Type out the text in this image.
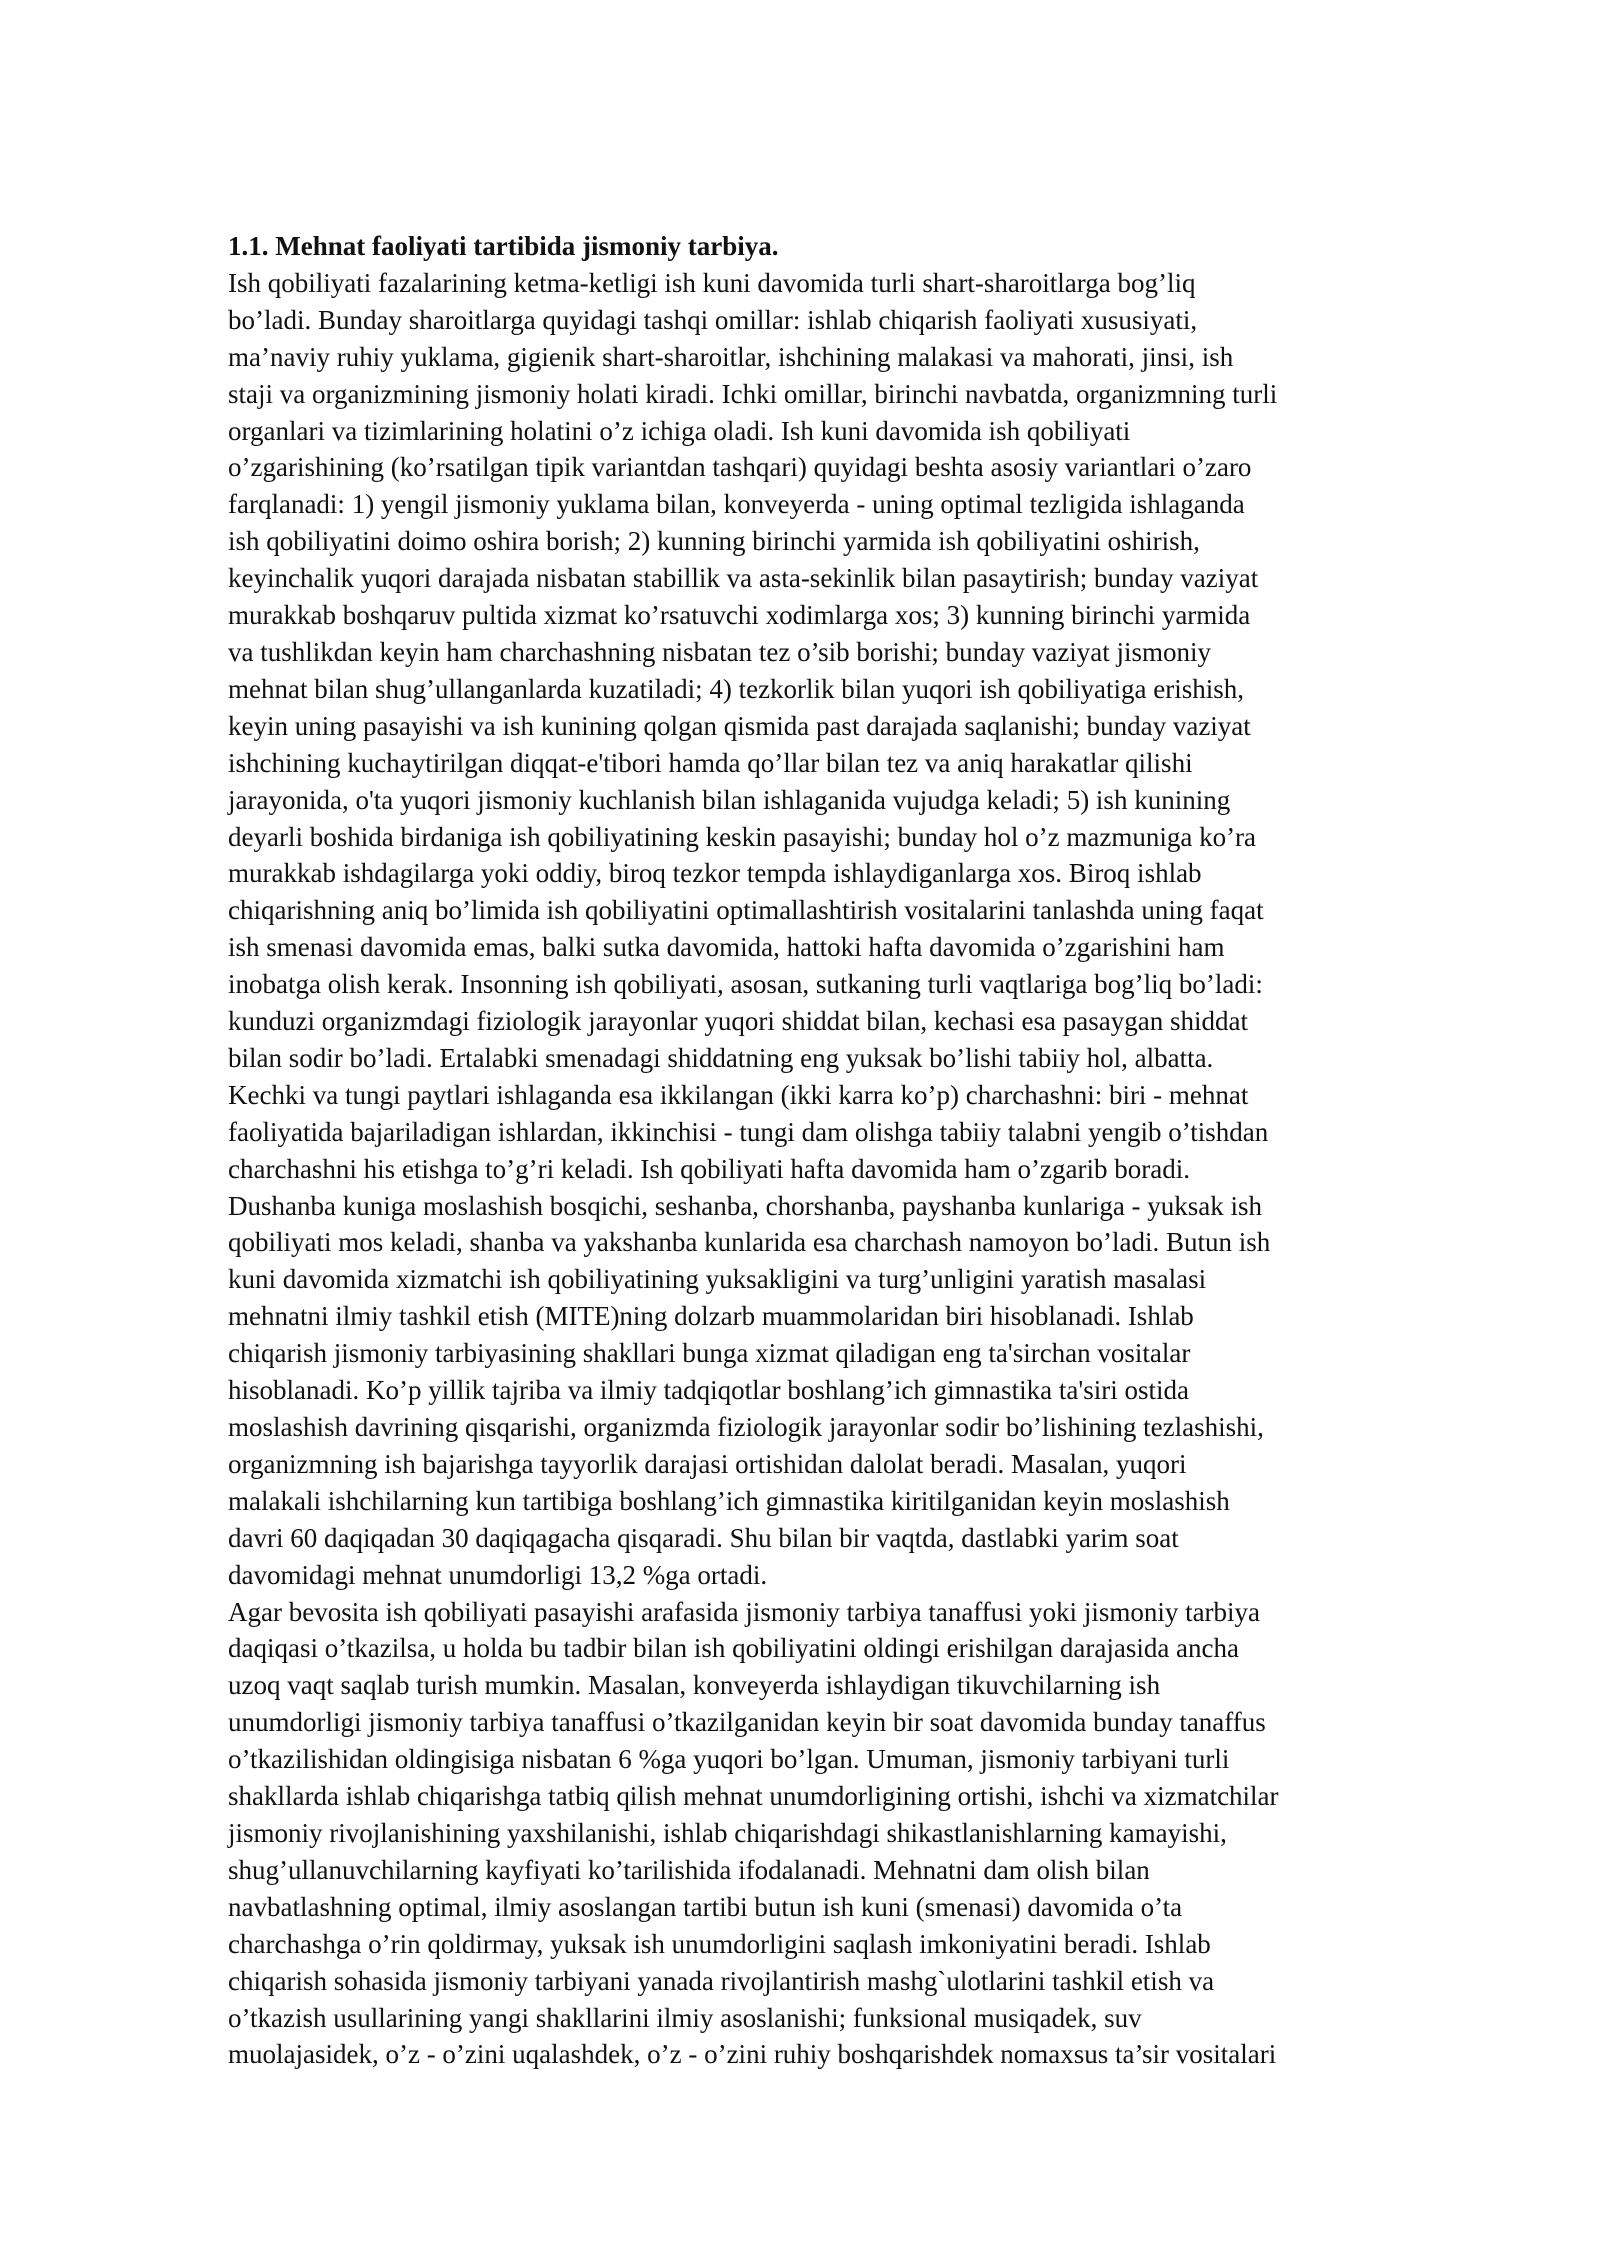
1.1. Mehnat faoliyati tartibida jismoniy tarbiya.

Ish qobiliyati fazalarining ketma-ketligi ish kuni davomida turli shart-sharoitlarga bog’liq
bo’ladi. Bunday sharoitlarga quyidagi tashqi omillar: ishlab chiqarish faoliyati xususiyati,
ma’naviy ruhiy yuklama, gigienik shart-sharoitlar, ishchining malakasi va mahorati, jinsi, ish
staji va organizmining jismoniy holati kiradi. Ichki omillar, birinchi navbatda, organizmning turli
organlari va tizimlarining holatini o’z ichiga oladi. Ish kuni davomida ish qobiliyati
o’zgarishining (ko’rsatilgan tipik variantdan tashqari) quyidagi beshta asosiy variantlari o’zaro
farqlanadi: 1) yengil jismoniy yuklama bilan, konveyerda - uning optimal tezligida ishlaganda
ish qobiliyatini doimo oshira borish; 2) kunning birinchi yarmida ish qobiliyatini oshirish,
keyinchalik yuqori darajada nisbatan stabillik va asta-sekinlik bilan pasaytirish; bunday vaziyat
murakkab boshqaruv pultida xizmat ko’rsatuvchi xodimlarga xos; 3) kunning birinchi yarmida
va tushlikdan keyin ham charchashning nisbatan tez o’sib borishi; bunday vaziyat jismoniy
mehnat bilan shug’ullanganlarda kuzatiladi; 4) tezkorlik bilan yuqori ish qobiliyatiga erishish,
keyin uning pasayishi va ish kunining qolgan qismida past darajada saqlanishi; bunday vaziyat
ishchining kuchaytirilgan diqqat-e'tibori hamda qo’llar bilan tez va aniq harakatlar qilishi
jarayonida, o'ta yuqori jismoniy kuchlanish bilan ishlaganida vujudga keladi; 5) ish kunining
deyarli boshida birdaniga ish qobiliyatining keskin pasayishi; bunday hol o’z mazmuniga ko’ra
murakkab ishdagilarga yoki oddiy, biroq tezkor tempda ishlaydiganlarga xos. Biroq ishlab
chiqarishning aniq bo’limida ish qobiliyatini optimallashtirish vositalarini tanlashda uning faqat
ish smenasi davomida emas, balki sutka davomida, hattoki hafta davomida o’zgarishini ham
inobatga olish kerak. Insonning ish qobiliyati, asosan, sutkaning turli vaqtlariga bog’liq bo’ladi:
kunduzi organizmdagi fiziologik jarayonlar yuqori shiddat bilan, kechasi esa pasaygan shiddat
bilan sodir bo’ladi. Ertalabki smenadagi shiddatning eng yuksak bo’lishi tabiiy hol, albatta.
Kechki va tungi paytlari ishlaganda esa ikkilangan (ikki karra ko’p) charchashni: biri - mehnat
faoliyatida bajariladigan ishlardan, ikkinchisi - tungi dam olishga tabiiy talabni yengib o’tishdan
charchashni his etishga to’g’ri keladi. Ish qobiliyati hafta davomida ham o’zgarib boradi.
Dushanba kuniga moslashish bosqichi, seshanba, chorshanba, payshanba kunlariga - yuksak ish
qobiliyati mos keladi, shanba va yakshanba kunlarida esa charchash namoyon bo’ladi. Butun ish
kuni davomida xizmatchi ish qobiliyatining yuksakligini va turg’unligini yaratish masalasi
mehnatni ilmiy tashkil etish (MITE)ning dolzarb muammolaridan biri hisoblanadi. Ishlab
chiqarish jismoniy tarbiyasining shakllari bunga xizmat qiladigan eng ta'sirchan vositalar
hisoblanadi. Ko’p yillik tajriba va ilmiy tadqiqotlar boshlang’ich gimnastika ta'siri ostida
moslashish davrining qisqarishi, organizmda fiziologik jarayonlar sodir bo’lishining tezlashishi,
organizmning ish bajarishga tayyorlik darajasi ortishidan dalolat beradi. Masalan, yuqori
malakali ishchilarning kun tartibiga boshlang’ich gimnastika kiritilganidan keyin moslashish
davri 60 daqiqadan 30 daqiqagacha qisqaradi. Shu bilan bir vaqtda, dastlabki yarim soat
davomidagi mehnat unumdorligi 13,2 %ga ortadi.

Agar bevosita ish qobiliyati pasayishi arafasida jismoniy tarbiya tanaffusi yoki jismoniy tarbiya
daqiqasi o’tkazilsa, u holda bu tadbir bilan ish qobiliyatini oldingi erishilgan darajasida ancha
uzoq vaqt saqlab turish mumkin. Masalan, konveyerda ishlaydigan tikuvchilarning ish
unumdorligi jismoniy tarbiya tanaffusi o’tkazilganidan keyin bir soat davomida bunday tanaffus
o’tkazilishidan oldingisiga nisbatan 6 %ga yuqori bo’lgan. Umuman, jismoniy tarbiyani turli
shakllarda ishlab chiqarishga tatbiq qilish mehnat unumdorligining ortishi, ishchi va xizmatchilar
jismoniy rivojlanishining yaxshilanishi, ishlab chiqarishdagi shikastlanishlarning kamayishi,
shug’ullanuvchilarning kayfiyati ko’tarilishida ifodalanadi. Mehnatni dam olish bilan
navbatlashning optimal, ilmiy asoslangan tartibi butun ish kuni (smenasi) davomida o’ta
charchashga o’rin qoldirmay, yuksak ish unumdorligini saqlash imkoniyatini beradi. Ishlab
chiqarish sohasida jismoniy tarbiyani yanada rivojlantirish mashg`ulotlarini tashkil etish va
o’tkazish usullarining yangi shakllarini ilmiy asoslanishi; funksional musiqadek, suv
muolajasidek, o’z - o’zini uqalashdek, o’z - o’zini ruhiy boshqarishdek nomaxsus ta’sir vositalari
